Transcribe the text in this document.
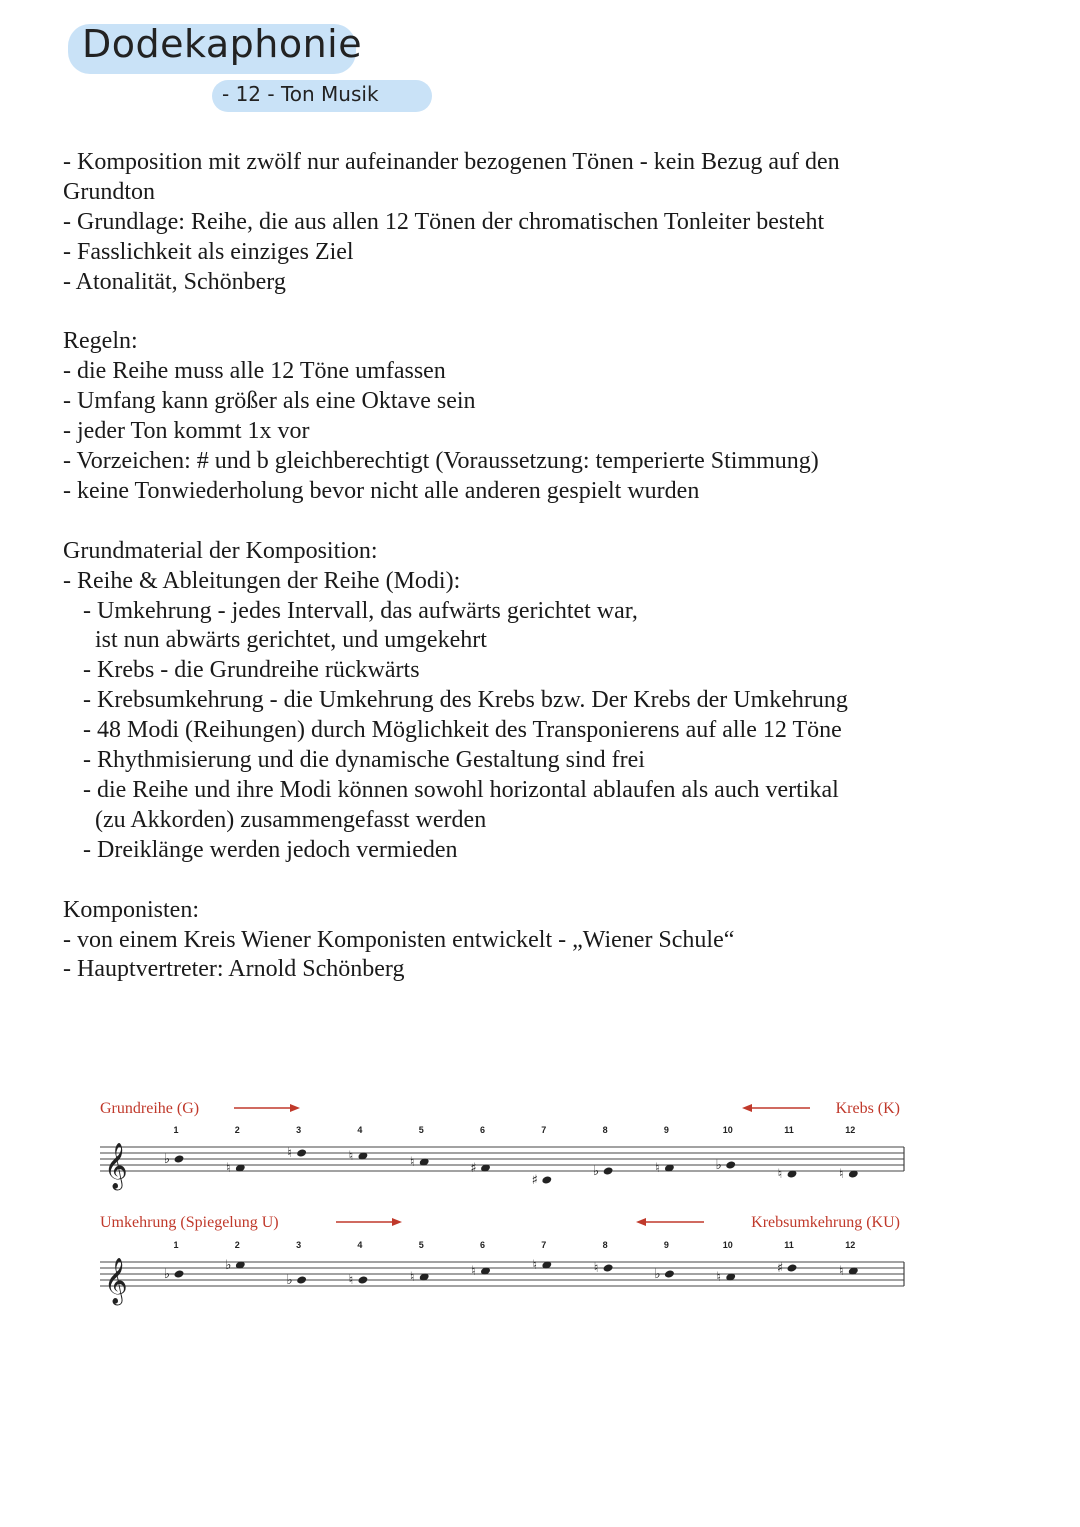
Dodekaphonie
- 12 - Ton Musik

- Komposition mit zwölf nur aufeinander bezogenen Tönen - kein Bezug auf den

Grundton

- Grundlage: Reihe, die aus allen 12 Tönen der chromatischen Tonleiter besteht

- Fasslichkeit als einziges Ziel

- Atonalität, Schönberg

Regeln:

- die Reihe muss alle 12 Töne umfassen

- Umfang kann größer als eine Oktave sein

- jeder Ton kommt 1x vor

- Vorzeichen: # und b gleichberechtigt (Voraussetzung: temperierte Stimmung)

- keine Tonwiederholung bevor nicht alle anderen gespielt wurden

Grundmaterial der Komposition:

- Reihe & Ableitungen der Reihe (Modi):

- Umkehrung - jedes Intervall, das aufwärts gerichtet war,

ist nun abwärts gerichtet, und umgekehrt

- Krebs - die Grundreihe rückwärts

- Krebsumkehrung - die Umkehrung des Krebs bzw. Der Krebs der Umkehrung

- 48 Modi (Reihungen) durch Möglichkeit des Transponierens auf alle 12 Töne

- Rhythmisierung und die dynamische Gestaltung sind frei

- die Reihe und ihre Modi können sowohl horizontal ablaufen als auch vertikal

(zu Akkorden) zusammengefasst werden

- Dreiklänge werden jedoch vermieden

Komponisten:

- von einem Kreis Wiener Komponisten entwickelt - „Wiener Schule“

- Hauptvertreter: Arnold Schönberg

Grundreihe (G)	Krebs (K)
𝄞
1
♭
2
♮
3
♮
4
♮
5
♮
6
♯
7
♯
8
♭
9
♮
10
♭
11
♮
12
♮
Umkehrung (Spiegelung U)	Krebsumkehrung (KU)
𝄞
1
♭
2
♭
3
♭
4
♮
5
♮
6
♮
7
♮
8
♮
9
♭
10
♮
11
♯
12
♮
